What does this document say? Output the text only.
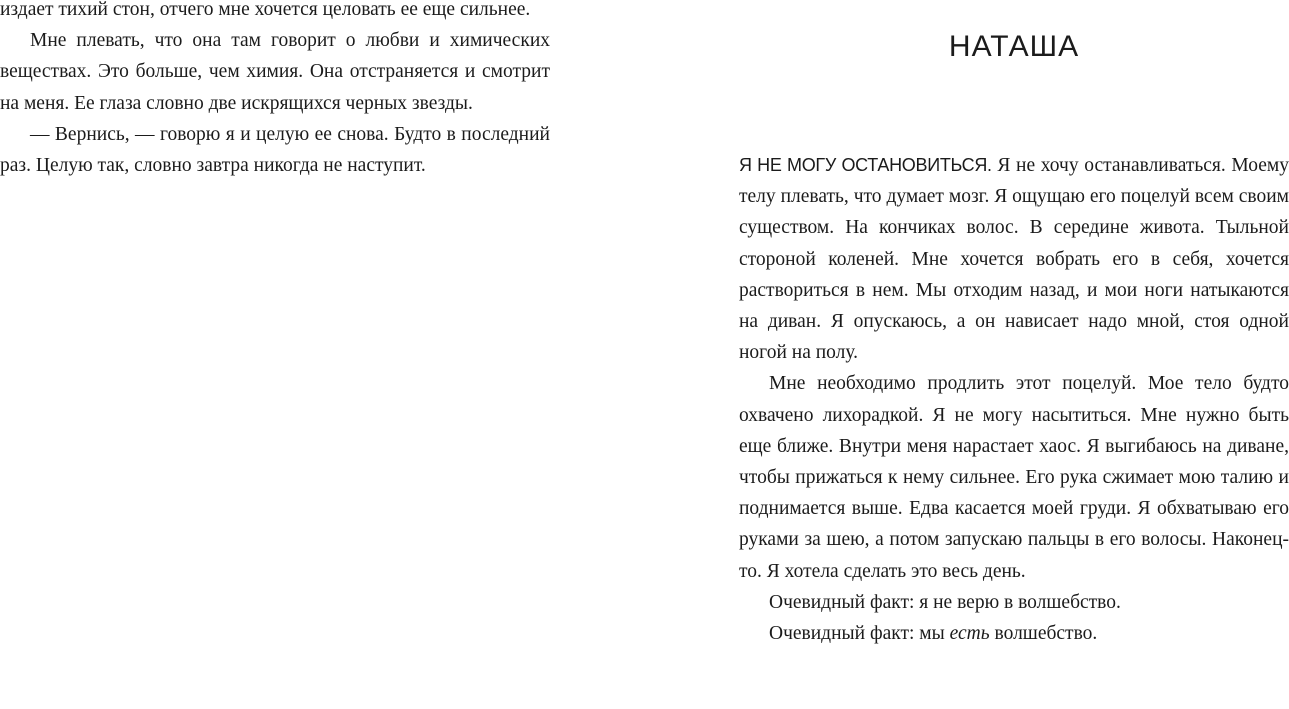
издает тихий стон, отчего мне хочется целовать ее еще сильнее.

Мне плевать, что она там говорит о любви и химических веществах. Это больше, чем химия. Она отстраняется и смотрит на меня. Ее глаза словно две искрящихся черных звезды.

— Вернись, — говорю я и целую ее снова. Будто в последний раз. Целую так, словно завтра никогда не наступит.

НАТАША

Я НЕ МОГУ ОСТАНОВИТЬСЯ. Я не хочу останавливаться. Моему телу плевать, что думает мозг. Я ощущаю его поцелуй всем своим существом. На кончиках волос. В середине живота. Тыльной стороной коленей. Мне хочется вобрать его в себя, хочется раствориться в нем. Мы отходим назад, и мои ноги натыкаются на диван. Я опускаюсь, а он нависает надо мной, стоя одной ногой на полу.

Мне необходимо продлить этот поцелуй. Мое тело будто охвачено лихорадкой. Я не могу насытиться. Мне нужно быть еще ближе. Внутри меня нарастает хаос. Я выгибаюсь на диване, чтобы прижаться к нему сильнее. Его рука сжимает мою талию и поднимается выше. Едва касается моей груди. Я обхватываю его руками за шею, а потом запускаю пальцы в его волосы. Наконец-то. Я хотела сделать это весь день.

Очевидный факт: я не верю в волшебство.

Очевидный факт: мы есть волшебство.
